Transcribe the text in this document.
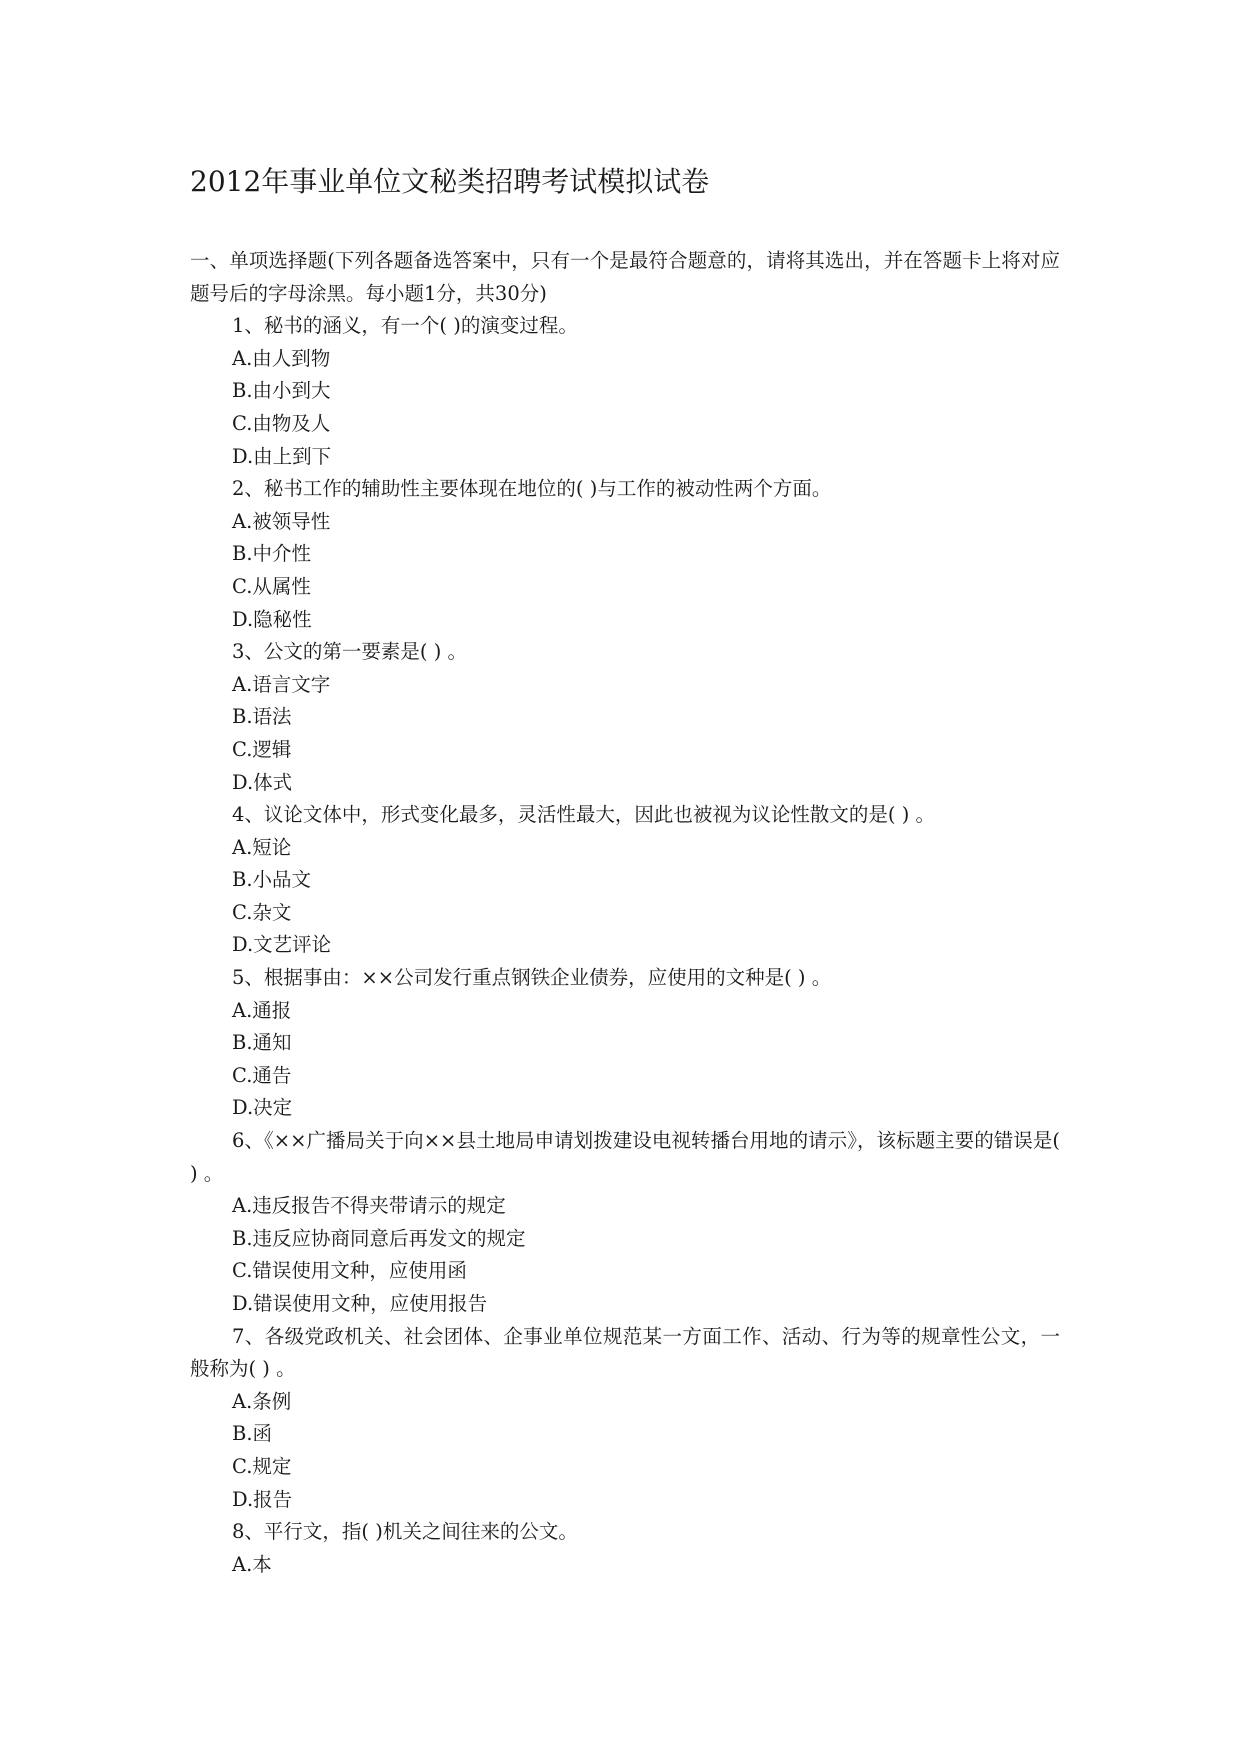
2012年事业单位文秘类招聘考试模拟试卷

一、单项选择题(下列各题备选答案中，只有一个是最符合题意的，请将其选出，并在答题卡上将对应题号后的字母涂黑。每小题1分，共30分)

1、秘书的涵义，有一个( )的演变过程。

A.由人到物

B.由小到大

C.由物及人

D.由上到下

2、秘书工作的辅助性主要体现在地位的( )与工作的被动性两个方面。

A.被领导性

B.中介性

C.从属性

D.隐秘性

3、公文的第一要素是( ) 。

A.语言文字

B.语法

C.逻辑

D.体式

4、议论文体中，形式变化最多，灵活性最大，因此也被视为议论性散文的是( ) 。

A.短论

B.小品文

C.杂文

D.文艺评论

5、根据事由：××公司发行重点钢铁企业债券，应使用的文种是( ) 。

A.通报

B.通知

C.通告

D.决定

6、《××广播局关于向××县土地局申请划拨建设电视转播台用地的请示》，该标题主要的错误是( ) 。

A.违反报告不得夹带请示的规定

B.违反应协商同意后再发文的规定

C.错误使用文种，应使用函

D.错误使用文种，应使用报告

7、各级党政机关、社会团体、企事业单位规范某一方面工作、活动、行为等的规章性公文，一般称为( ) 。

A.条例

B.函

C.规定

D.报告

8、平行文，指( )机关之间往来的公文。

A.本
